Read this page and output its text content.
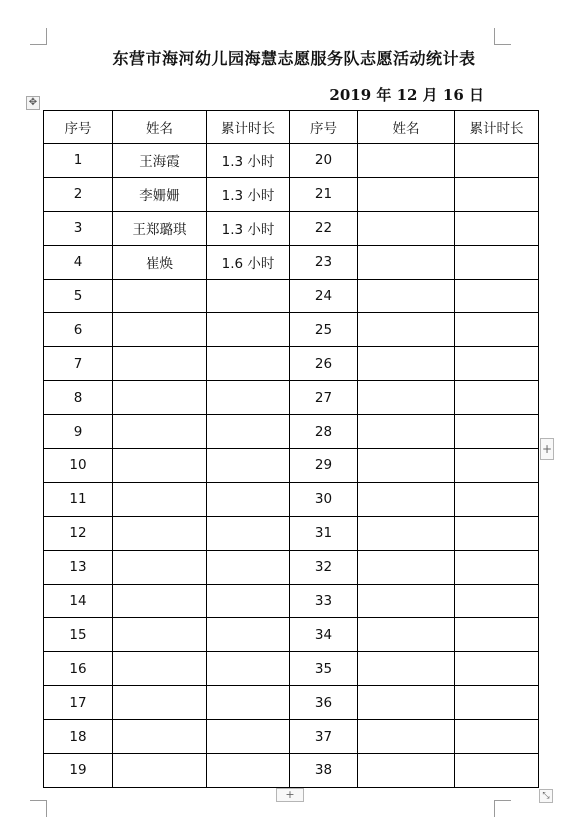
东营市海河幼儿园海慧志愿服务队志愿活动统计表
2019 年 12 月 16 日
✥
序号	姓名	累计时长	序号	姓名	累计时长
1	王海霞	1.3 小时	20		
2	李姗姗	1.3 小时	21		
3	王郑璐琪	1.3 小时	22		
4	崔焕	1.6 小时	23		
5			24		
6			25		
7			26		
8			27		
9			28		
10			29		
11			30		
12			31		
13			32		
14			33		
15			34		
16			35		
17			36		
18			37		
19			38		
+
+	⤡
